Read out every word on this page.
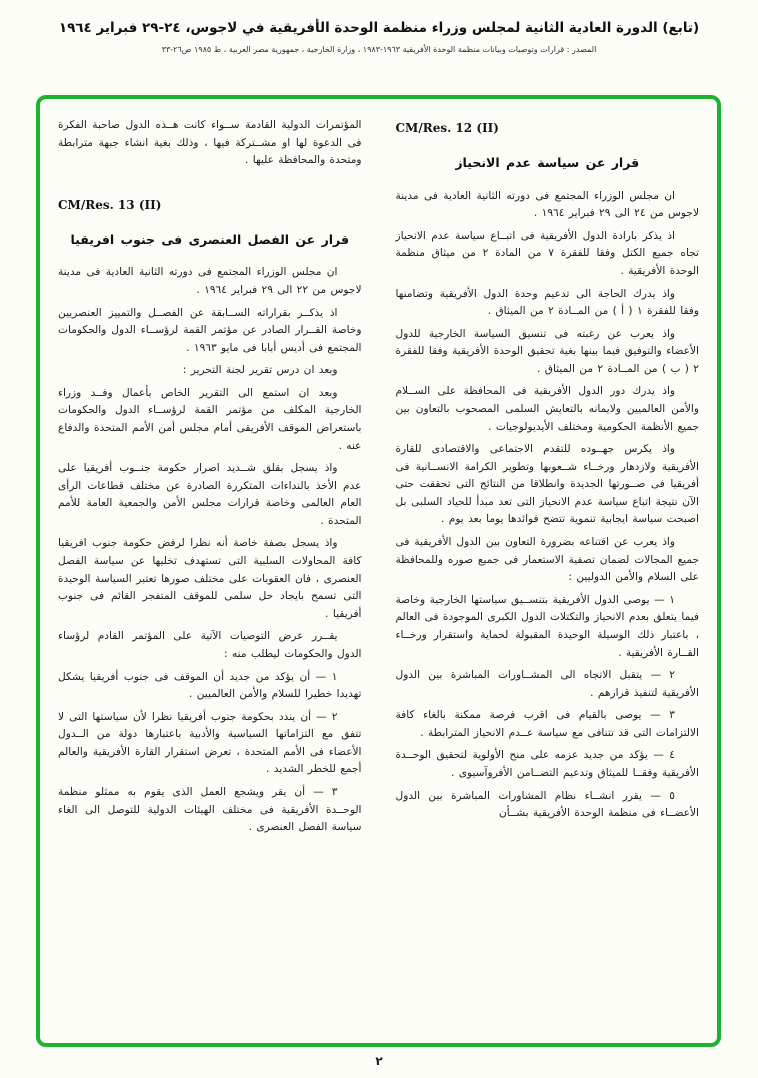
(تابع) الدورة العادية الثانية لمجلس وزراء منظمة الوحدة الأفريقية في لاجوس، ٢٤-٢٩ فبراير ١٩٦٤
المصدر : قرارات وتوصيات وبيانات منظمة الوحدة الأفريقية ١٩٦٣-١٩٨٣ ، وزارة الخارجية ، جمهورية مصر العربية ، ط ١٩٨٥ ص٢٦-٣٣
CM/Res. 12 (II)
قرار عن سياسة عدم الانحياز

ان مجلس الوزراء المجتمع فى دورته الثانية العادية فى مدينة لاجوس من ٢٤ الى ٢٩ فبراير ١٩٦٤ .

اذ يذكر بارادة الدول الأفريقية فى اتبــاع سياسة عدم الانحياز تجاه جميع الكتل وفقا للفقرة ٧ من المادة ٢ من ميثاق منظمة الوحدة الأفريقية .

واذ يدرك الحاجة الى تدعيم وحدة الدول الأفريقية وتضامنها وفقا للفقرة ١ ( أ ) من المــادة ٢ من الميثاق .

واذ يعرب عن رغبته فى تنسيق السياسة الخارجية للدول الأعضاء والتوفيق فيما بينها بغية تحقيق الوحدة الأفريقية وفقا للفقرة ٢ ( ب ) من المــادة ٢ من الميثاق .

واذ يدرك دور الدول الأفريقية فى المحافظة على الســلام والأمن العالميين ولايمانه بالتعايش السلمى المصحوب بالتعاون بين جميع الأنظمة الحكومية ومختلف الأيديولوجيات .

واذ يكرس جهــوده للتقدم الاجتماعى والاقتصادى للقارة الأفريقية ولازدهار ورخــاء شــعوبها وتطوير الكرامة الانســانية فى أفريقيا فى صــورتها الجديدة وانطلاقا من النتائج التى تحققت حتى الآن نتيجة اتباع سياسة عدم الانحياز التى تعد مبدأ للحياد السلبى بل اصبحت سياسة ايجابية تنموية تتضح فوائدها يوما بعد يوم .

واذ يعرب عن اقتناعه بضرورة التعاون بين الدول الأفريقية فى جميع المجالات لضمان تصفية الاستعمار فى جميع صوره وللمحافظة على السلام والأمن الدوليين :

١ — يوصى الدول الأفريقية بتنســيق سياستها الخارجية وخاصة فيما يتعلق بعدم الانحياز والتكتلات الدول الكبرى الموجودة فى العالم ، باعتبار ذلك الوسيلة الوحيدة المقبولة لحماية واستقرار ورخــاء القــارة الأفريقية .

٢ — يتقبل الاتجاه الى المشــاورات المباشرة بين الدول الأفريقية لتنفيذ قرارهم .

٣ — يوصى بالقيام فى اقرب فرصة ممكنة بالغاء كافة الالتزامات التى قد تتنافى مع سياسة عــدم الانحياز المترابطة .

٤ — يؤكد من جديد عزمه على منح الأولوية لتحقيق الوحــدة الأفريقية وفقــا للميثاق وتدعيم التضــامن الأفروآسيوى .

٥ — يقرر انشــاء نظام المشاورات المباشرة بين الدول الأعضــاء فى منظمة الوحدة الأفريقية بشــأن

المؤتمرات الدولية القادمة ســواء كانت هــذه الدول صاحبة الفكرة فى الدعوة لها او مشــتركة فيها ، وذلك بغية انشاء جبهة مترابطة ومتحدة والمحافظة عليها .

CM/Res. 13 (II)
قرار عن الفصل العنصرى فى جنوب افريقيا

ان مجلس الوزراء المجتمع فى دورته الثانية العادية فى مدينة لاجوس من ٢٢ الى ٢٩ فبراير ١٩٦٤ .

اذ يذكــر بقراراته الســابقة عن الفصــل والتمييز العنصريين وخاصة القــرار الصادر عن مؤتمر القمة لرؤســاء الدول والحكومات المجتمع فى أديس أبابا فى مايو ١٩٦٣ .

وبعد ان درس تقرير لجنة التحرير :

وبعد ان استمع الى التقرير الخاص بأعمال وفــد وزراء الخارجية المكلف من مؤتمر القمة لرؤســاء الدول والحكومات باستعراض الموقف الأفريقى أمام مجلس أمن الأمم المتحدة والدفاع عنه .

واذ يسجل بقلق شــديد اصرار حكومة جنــوب أفريقيا على عدم الأخذ بالنداءات المتكررة الصادرة عن مختلف قطاعات الرأى العام العالمى وخاصة قرارات مجلس الأمن والجمعية العامة للأمم المتحدة .

واذ يسجل بصفة خاصة أنه نظرا لرفض حكومة جنوب افريقيا كافة المحاولات السلبية التى تستهدف تخليها عن سياسة الفصل العنصرى ، فان العقوبات على مختلف صورها تعتبر السياسة الوحيدة التى تسمح بايجاد حل سلمى للموقف المتفجر القائم فى جنوب أفريقيا .

يقــرر عرض التوصيات الآتية على المؤتمر القادم لرؤساء الدول والحكومات ليطلب منه :

١ — أن يؤكد من جديد أن الموقف فى جنوب أفريقيا يشكل تهديدا خطيرا للسلام والأمن العالميين .

٢ — أن يندد بحكومة جنوب أفريقيا نظرا لأن سياستها التى لا تتفق مع التزاماتها السياسية والأدبية باعتبارها دولة من الــدول الأعضاء فى الأمم المتحدة ، تعرض استقرار القارة الأفريقية والعالم أجمع للخطر الشديد .

٣ — أن يقر ويشجع العمل الذى يقوم به ممثلو منظمة الوحــدة الأفريقية فى مختلف الهيئات الدولية للتوصل الى الغاء سياسة الفصل العنصرى .

٢
